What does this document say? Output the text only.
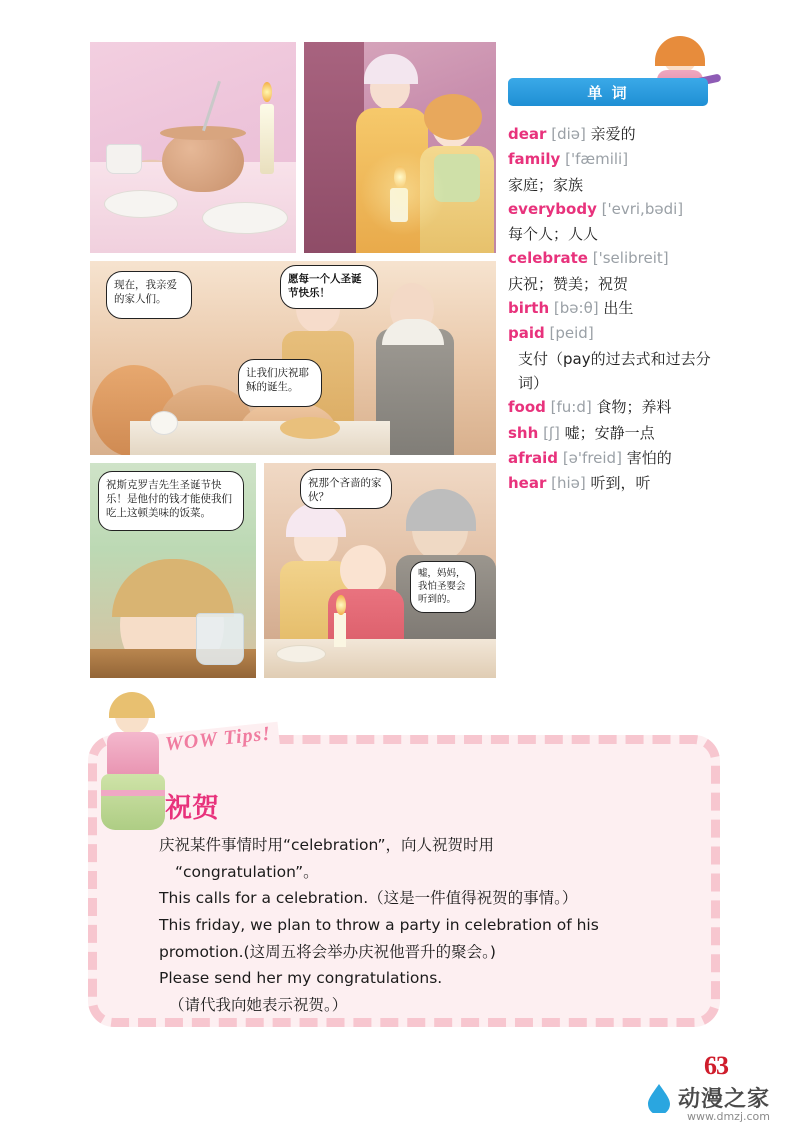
现在，我亲爱的家人们。
愿每一个人圣诞节快乐！
让我们庆祝耶稣的诞生。
祝斯克罗吉先生圣诞节快乐！是他付的钱才能使我们吃上这顿美味的饭菜。
祝那个吝啬的家伙？
嘘，妈妈，我怕圣婴会听到的。
单 词
dear [diə] 亲爱的
family ['fæmili]
家庭；家族
everybody ['evri,bədi]
每个人；人人
celebrate ['selibreit]
庆祝；赞美；祝贺
birth [bə:θ] 出生
paid [peid]
支付（pay的过去式和过去分词）
food [fu:d] 食物；养料
shh [ʃ] 嘘；安静一点
afraid [ə'freid] 害怕的
hear [hiə] 听到，听
WOW Tips!
祝贺

庆祝某件事情时用“celebration”，向人祝贺时用

“congratulation”。

This calls for a celebration.（这是一件值得祝贺的事情。）

This friday, we plan to throw a party in celebration of his

promotion.(这周五将会举办庆祝他晋升的聚会。)

Please send her my congratulations.

（请代我向她表示祝贺。）

63
动漫之家
www.dmzj.com
